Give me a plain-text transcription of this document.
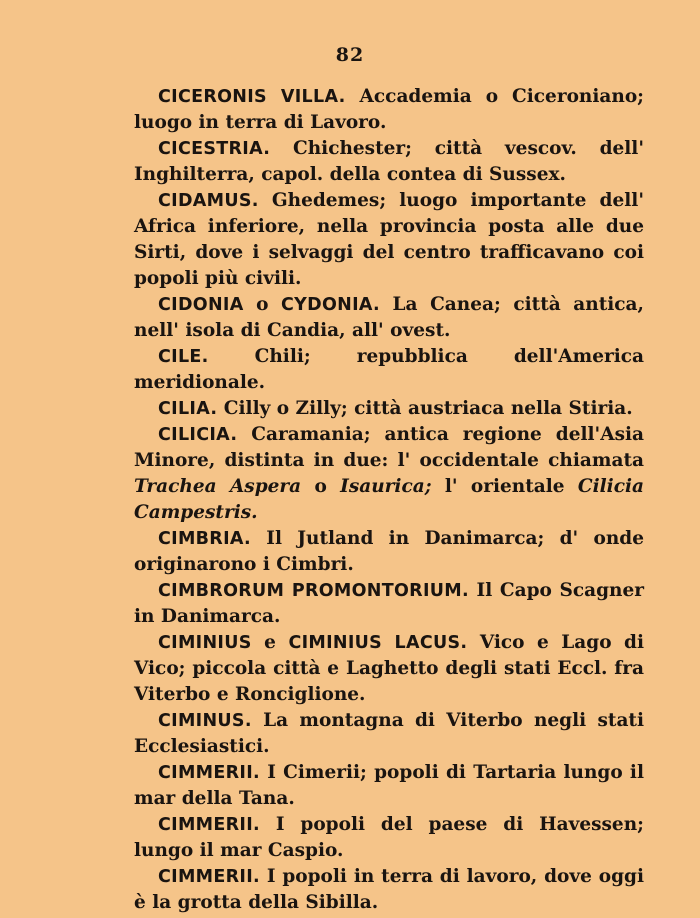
82

CICERONIS VILLA. Accademia o Ciceroniano; luogo in terra di Lavoro.

CICESTRIA. Chichester; città vescov. dell' Inghilterra, capol. della contea di Sussex.

CIDAMUS. Ghedemes; luogo importante dell' Africa inferiore, nella provincia posta alle due Sirti, dove i selvaggi del centro trafficavano coi popoli più civili.

CIDONIA o CYDONIA. La Canea; città antica, nell' isola di Candia, all' ovest.

CILE. Chili; repubblica dell'America meridionale.

CILIA. Cilly o Zilly; città austriaca nella Stiria.

CILICIA. Caramania; antica regione dell'Asia Minore, distinta in due: l' occidentale chiamata Trachea Aspera o Isaurica; l' orientale Cilicia Campestris.

CIMBRIA. Il Jutland in Danimarca; d' onde originarono i Cimbri.

CIMBRORUM PROMONTORIUM. Il Capo Scagner in Danimarca.

CIMINIUS e CIMINIUS LACUS. Vico e Lago di Vico; piccola città e Laghetto degli stati Eccl. fra Viterbo e Ronciglione.

CIMINUS. La montagna di Viterbo negli stati Ecclesiastici.

CIMMERII. I Cimerii; popoli di Tartaria lungo il mar della Tana.

CIMMERII. I popoli del paese di Havessen; lungo il mar Caspio.

CIMMERII. I popoli in terra di lavoro, dove oggi è la grotta della Sibilla.
